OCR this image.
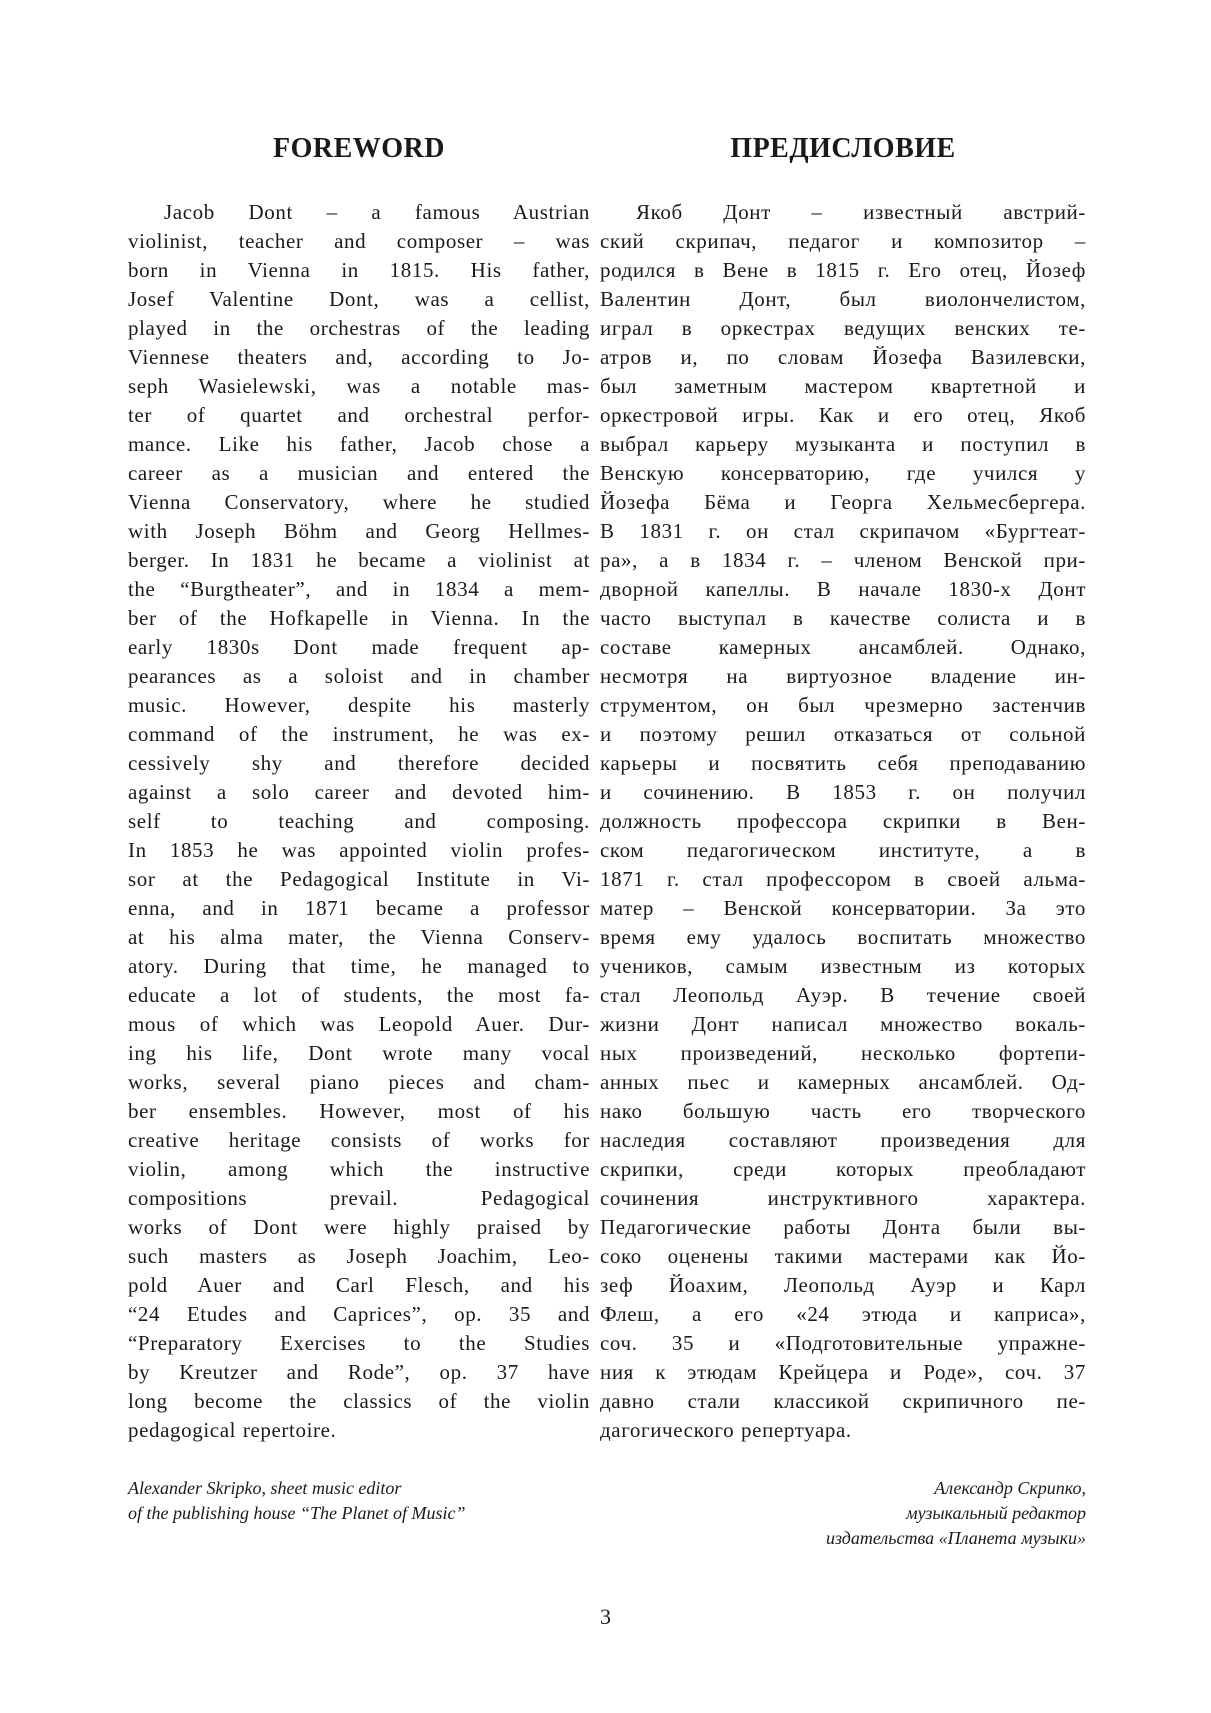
FOREWORD
Jacob Dont – a famous Austrian
violinist, teacher and composer – was
born in Vienna in 1815. His father,
Josef Valentine Dont, was a cellist,
played in the orchestras of the leading
Viennese theaters and, according to Jo-
seph Wasielewski, was a notable mas-
ter of quartet and orchestral perfor-
mance. Like his father, Jacob chose a
career as a musician and entered the
Vienna Conservatory, where he studied
with Joseph Böhm and Georg Hellmes-
berger. In 1831 he became a violinist at
the “Burgtheater”, and in 1834 a mem-
ber of the Hofkapelle in Vienna. In the
early 1830s Dont made frequent ap-
pearances as a soloist and in chamber
music. However, despite his masterly
command of the instrument, he was ex-
cessively shy and therefore decided
against a solo career and devoted him-
self to teaching and composing.
In 1853 he was appointed violin profes-
sor at the Pedagogical Institute in Vi-
enna, and in 1871 became a professor
at his alma mater, the Vienna Conserv-
atory. During that time, he managed to
educate a lot of students, the most fa-
mous of which was Leopold Auer. Dur-
ing his life, Dont wrote many vocal
works, several piano pieces and cham-
ber ensembles. However, most of his
creative heritage consists of works for
violin, among which the instructive
compositions prevail. Pedagogical
works of Dont were highly praised by
such masters as Joseph Joachim, Leo-
pold Auer and Carl Flesch, and his
“24 Etudes and Caprices”, op. 35 and
“Preparatory Exercises to the Studies
by Kreutzer and Rode”, op. 37 have
long become the classics of the violin
pedagogical repertoire.
Alexander Skripko, sheet music editor
of the publishing house “The Planet of Music”
ПРЕДИСЛОВИЕ
Якоб Донт – известный австрий-
ский скрипач, педагог и композитор –
родился в Вене в 1815 г. Его отец, Йозеф
Валентин Донт, был виолончелистом,
играл в оркестрах ведущих венских те-
атров и, по словам Йозефа Вазилевски,
был заметным мастером квартетной и
оркестровой игры. Как и его отец, Якоб
выбрал карьеру музыканта и поступил в
Венскую консерваторию, где учился у
Йозефа Бёма и Георга Хельмесбергера.
В 1831 г. он стал скрипачом «Бургтеат-
ра», а в 1834 г. – членом Венской при-
дворной капеллы. В начале 1830-х Донт
часто выступал в качестве солиста и в
составе камерных ансамблей. Однако,
несмотря на виртуозное владение ин-
струментом, он был чрезмерно застенчив
и поэтому решил отказаться от сольной
карьеры и посвятить себя преподаванию
и сочинению. В 1853 г. он получил
должность профессора скрипки в Вен-
ском педагогическом институте, а в
1871 г. стал профессором в своей альма-
матер – Венской консерватории. За это
время ему удалось воспитать множество
учеников, самым известным из которых
стал Леопольд Ауэр. В течение своей
жизни Донт написал множество вокаль-
ных произведений, несколько фортепи-
анных пьес и камерных ансамблей. Од-
нако большую часть его творческого
наследия составляют произведения для
скрипки, среди которых преобладают
сочинения инструктивного характера.
Педагогические работы Донта были вы-
соко оценены такими мастерами как Йо-
зеф Йоахим, Леопольд Ауэр и Карл
Флеш, а его «24 этюда и каприса»,
соч. 35 и «Подготовительные упражне-
ния к этюдам Крейцера и Роде», соч. 37
давно стали классикой скрипичного пе-
дагогического репертуара.
Александр Скрипко,
музыкальный редактор
издательства «Планета музыки»
3
